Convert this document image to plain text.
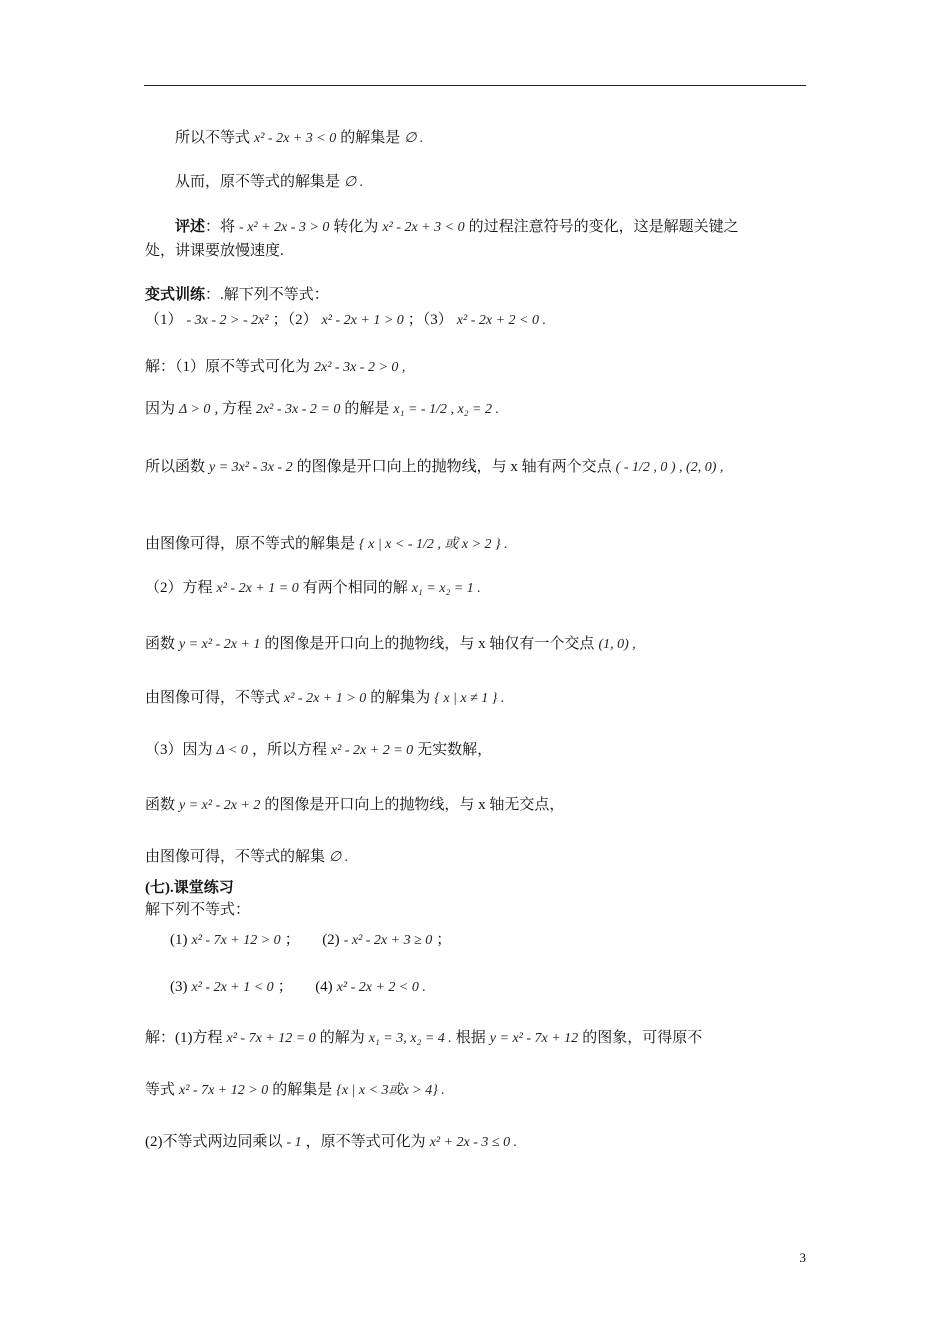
所以不等式 x² - 2x + 3 < 0 的解集是 ∅ .
从而，原不等式的解集是 ∅ .
评述：将 - x² + 2x - 3 > 0 转化为 x² - 2x + 3 < 0 的过程注意符号的变化，这是解题关键之
处，讲课要放慢速度.
变式训练：.解下列不等式：
（1） - 3x - 2 > - 2x² ；（2） x² - 2x + 1 > 0 ；（3） x² - 2x + 2 < 0 .
解：（1）原不等式可化为 2x² - 3x - 2 > 0 ,
因为 Δ > 0 , 方程 2x² - 3x - 2 = 0 的解是 x₁ = - 1/2 , x₂ = 2 .
所以函数 y = 3x² - 3x - 2 的图像是开口向上的抛物线，与 x 轴有两个交点 ( - 1/2 , 0 ) , (2, 0) ,
由图像可得，原不等式的解集是 { x | x < - 1/2 , 或 x > 2 } .
（2）方程 x² - 2x + 1 = 0 有两个相同的解 x₁ = x₂ = 1 .
函数 y = x² - 2x + 1 的图像是开口向上的抛物线，与 x 轴仅有一个交点 (1, 0) ,
由图像可得，不等式 x² - 2x + 1 > 0 的解集为 { x | x ≠ 1 } .
（3）因为 Δ < 0 ，所以方程 x² - 2x + 2 = 0 无实数解，
函数 y = x² - 2x + 2 的图像是开口向上的抛物线，与 x 轴无交点，
由图像可得，不等式的解集 ∅ .
(七).课堂练习
解下列不等式：
(1) x² - 7x + 12 > 0 ；　　(2) - x² - 2x + 3 ≥ 0 ；
(3) x² - 2x + 1 < 0 ；　　(4) x² - 2x + 2 < 0 .
解：(1)方程 x² - 7x + 12 = 0 的解为 x₁ = 3, x₂ = 4 . 根据 y = x² - 7x + 12 的图象，可得原不
等式 x² - 7x + 12 > 0 的解集是 {x | x < 3或x > 4} .
(2)不等式两边同乘以 - 1 ，原不等式可化为 x² + 2x - 3 ≤ 0 .
3
